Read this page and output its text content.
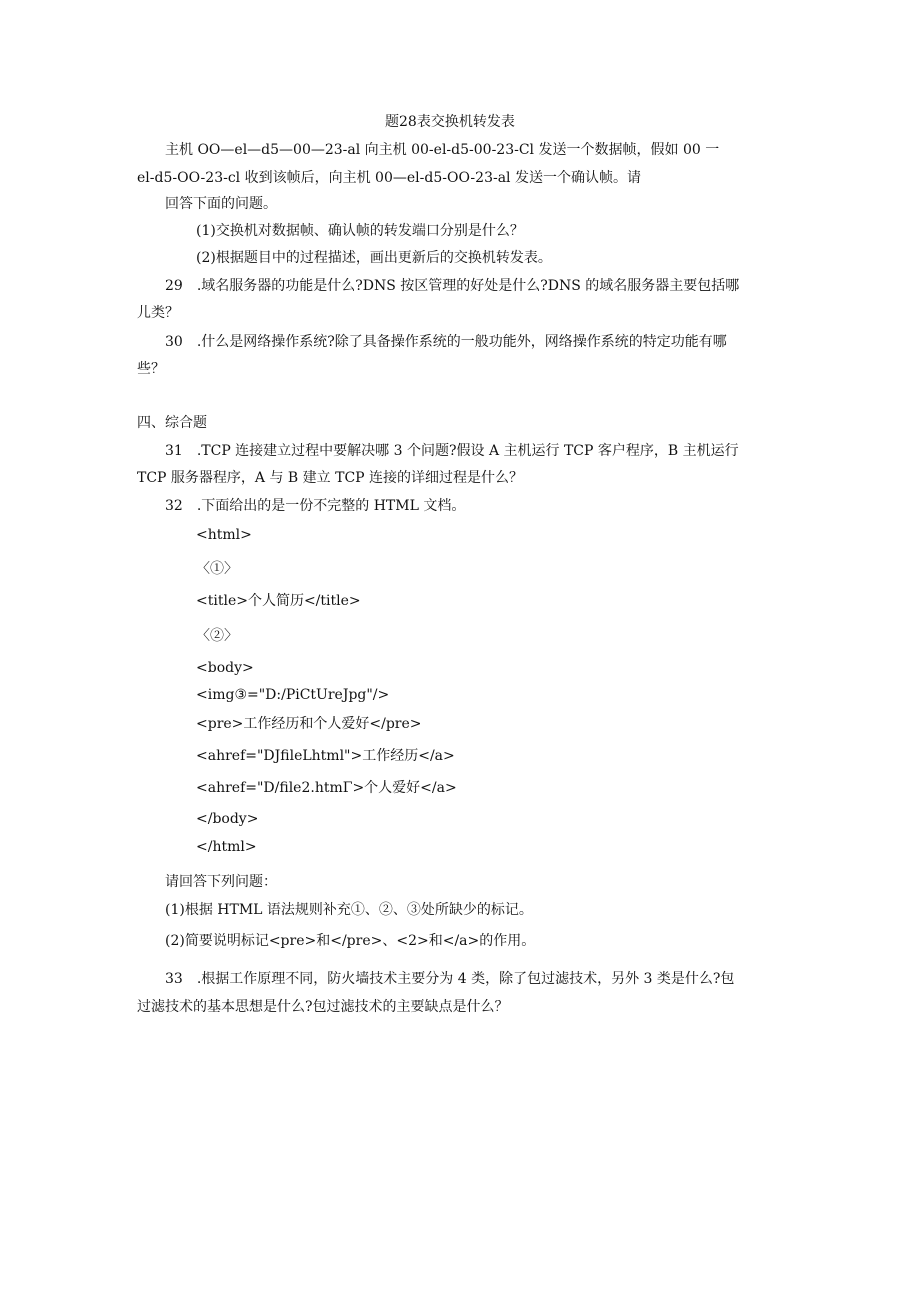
题28表交换机转发表
主机 OO—el—d5—00—23-al 向主机 00-el-d5-00-23-Cl 发送一个数据帧，假如 00 一
el-d5-OO-23-cl 收到该帧后，向主机 00—el-d5-OO-23-al 发送一个确认帧。请
回答下面的问题。
(1)交换机对数据帧、确认帧的转发端口分别是什么？
(2)根据题目中的过程描述，画出更新后的交换机转发表。
29　.域名服务器的功能是什么?DNS 按区管理的好处是什么?DNS 的域名服务器主要包括哪
儿类？
30　.什么是网络操作系统?除了具备操作系统的一般功能外，网络操作系统的特定功能有哪
些？
四、综合题
31　.TCP 连接建立过程中要解决哪 3 个问题?假设 A 主机运行 TCP 客户程序，B 主机运行
TCP 服务器程序，A 与 B 建立 TCP 连接的详细过程是什么？
32　.下面给出的是一份不完整的 HTML 文档。
<html>
〈①〉
<title>个人简历</title>
〈②〉
<body>
<img③="D:/PiCtUreJpg"/>
<pre>工作经历和个人爱好</pre>
<ahref="DJfileLhtml">工作经历</a>
<ahref="D/file2.htmΓ>个人爱好</a>
</body>
</html>
请回答下列问题：
(1)根据 HTML 语法规则补充①、②、③处所缺少的标记。
(2)简要说明标记<pre>和</pre>、<2>和</a>的作用。
33　.根据工作原理不同，防火墙技术主要分为 4 类，除了包过滤技术，另外 3 类是什么?包
过滤技术的基本思想是什么?包过滤技术的主要缺点是什么？
